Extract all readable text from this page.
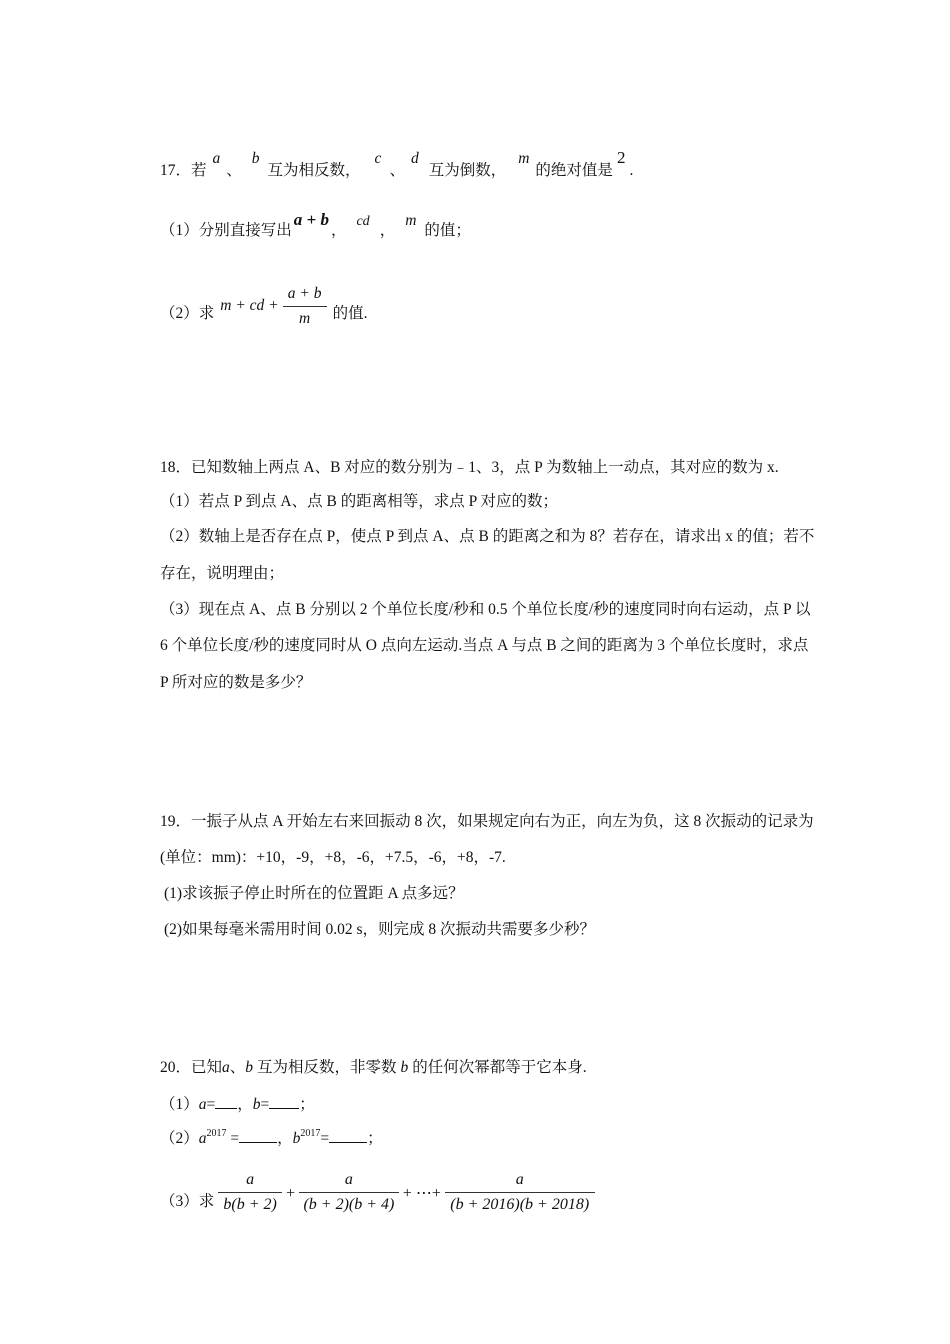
17．若a、b互为相反数，c、d互为倒数，m的绝对值是2.
（1）分别直接写出a + b，cd，m的值；
（2）求 m + cd + $\frac{a + b}{m}$ 的值.
18．已知数轴上两点 A、B 对应的数分别为﹣1、3，点 P 为数轴上一动点，其对应的数为 x.
（1）若点 P 到点 A、点 B 的距离相等，求点 P 对应的数；
（2）数轴上是否存在点 P，使点 P 到点 A、点 B 的距离之和为 8？若存在，请求出 x 的值；若不
存在，说明理由；
（3）现在点 A、点 B 分别以 2 个单位长度/秒和 0.5 个单位长度/秒的速度同时向右运动，点 P 以
6 个单位长度/秒的速度同时从 O 点向左运动.当点 A 与点 B 之间的距离为 3 个单位长度时，求点
P 所对应的数是多少？
19．一振子从点 A 开始左右来回振动 8 次，如果规定向右为正，向左为负，这 8 次振动的记录为
(单位：mm)：+10，-9，+8，-6，+7.5，-6，+8，-7.
(1)求该振子停止时所在的位置距 A 点多远？
(2)如果每毫米需用时间 0.02 s，则完成 8 次振动共需要多少秒？
20．已知a、b 互为相反数，非零数 b 的任何次幂都等于它本身.
（1）a= ，b= ；
$(2)a^{2017}$ = ，$b^{2017}=$ ；
（3）求 $\frac{a}{b(b + 2)} + \frac{a}{(b + 2)(b + 4)}$ + ⋯+ $\frac{a}{(b + 2016)(b + 2018)}$
